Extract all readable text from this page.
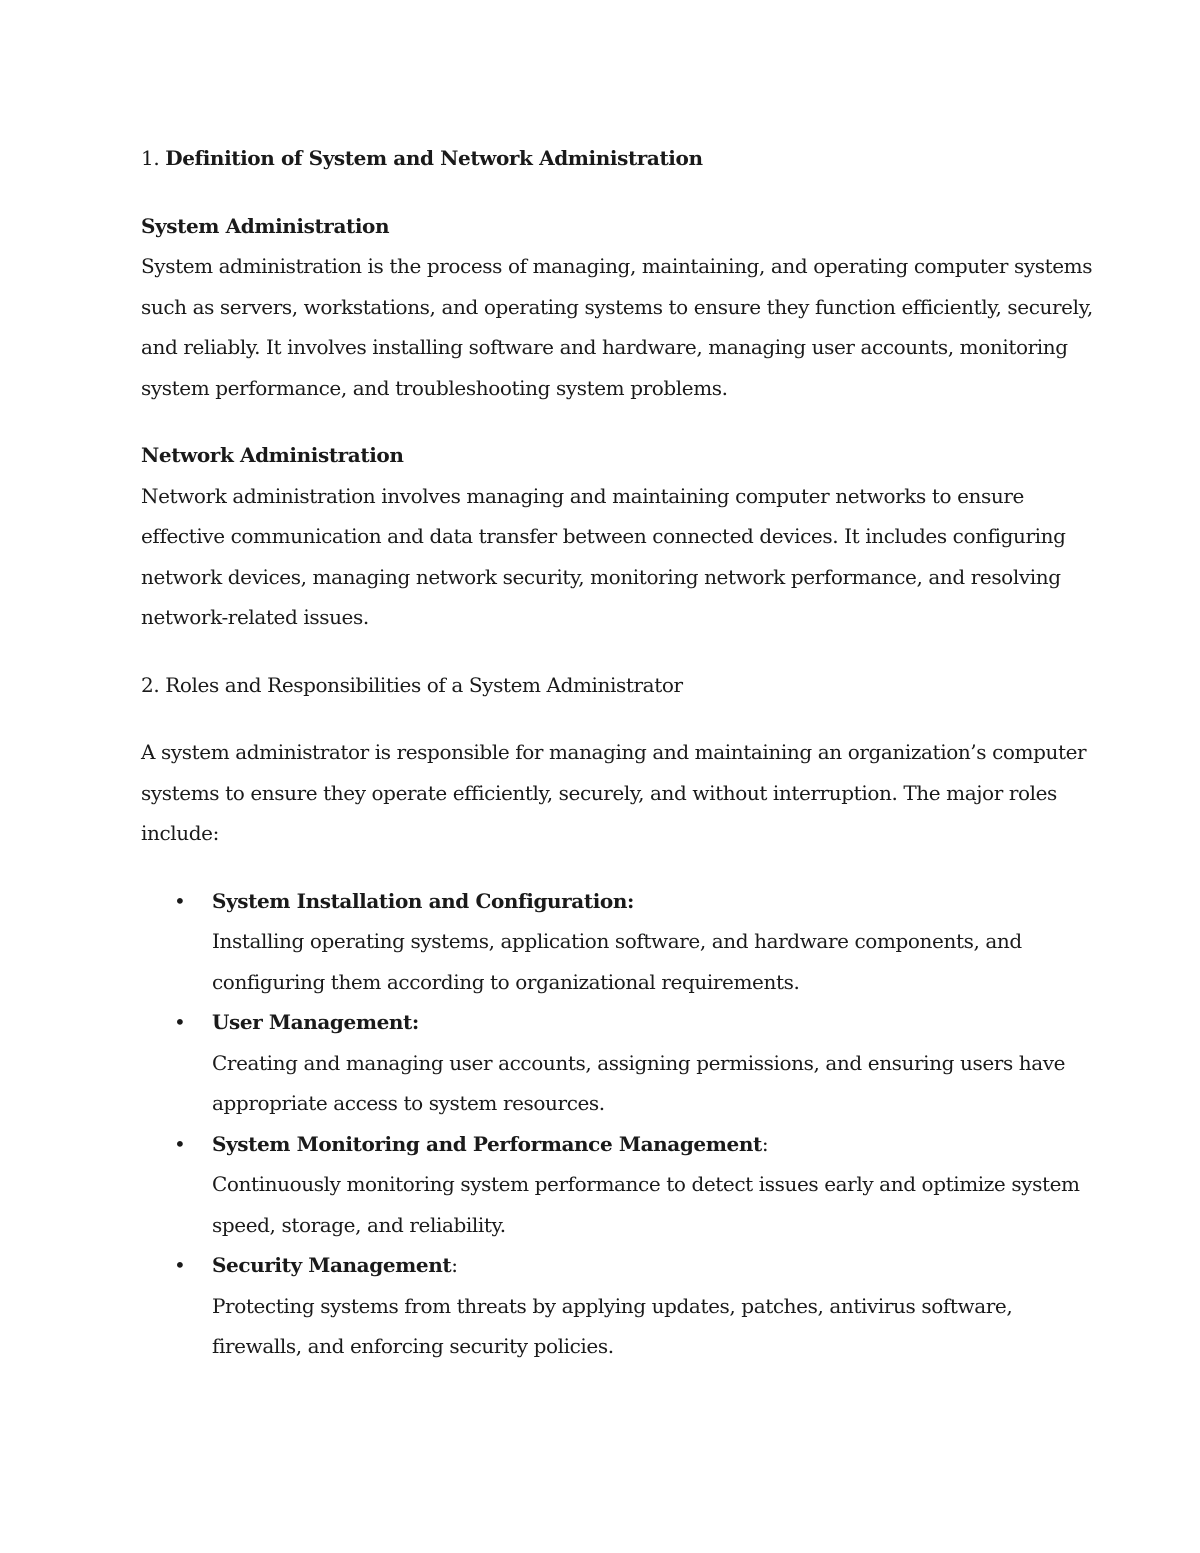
1. Definition of System and Network Administration
System Administration
System administration is the process of managing, maintaining, and operating computer systems
such as servers, workstations, and operating systems to ensure they function efficiently, securely,
and reliably. It involves installing software and hardware, managing user accounts, monitoring
system performance, and troubleshooting system problems.
Network Administration
Network administration involves managing and maintaining computer networks to ensure
effective communication and data transfer between connected devices. It includes configuring
network devices, managing network security, monitoring network performance, and resolving
network-related issues.
2. Roles and Responsibilities of a System Administrator
A system administrator is responsible for managing and maintaining an organization’s computer
systems to ensure they operate efficiently, securely, and without interruption. The major roles
include:
• System Installation and Configuration:
Installing operating systems, application software, and hardware components, and
configuring them according to organizational requirements.
• User Management:
Creating and managing user accounts, assigning permissions, and ensuring users have
appropriate access to system resources.
• System Monitoring and Performance Management:
Continuously monitoring system performance to detect issues early and optimize system
speed, storage, and reliability.
• Security Management:
Protecting systems from threats by applying updates, patches, antivirus software,
firewalls, and enforcing security policies.
